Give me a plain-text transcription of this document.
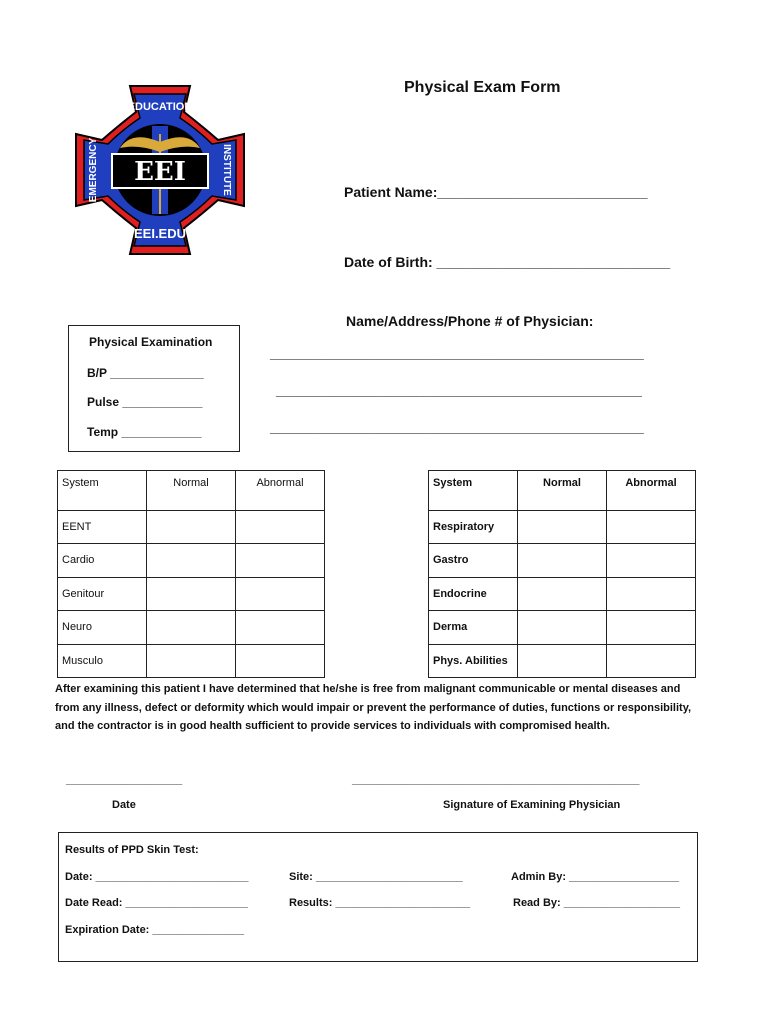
Physical Exam Form
EEI
EDUCATION
EEI.EDU
EMERGENCY	INSTITUTE	Patient Name:___________________________
Date of Birth: ______________________________
Name/Address/Phone # of Physician:
________________________________________________
_______________________________________________
________________________________________________
Physical Examination
B/P ______________
Pulse ____________
Temp ____________
System	Normal	Abnormal
EENT		
Cardio		
Genitour		
Neuro		
Musculo		
System	Normal	Abnormal
Respiratory		
Gastro		
Endocrine		
Derma		
Phys. Abilities		
After examining this patient I have determined that he/she is free from malignant communicable or mental diseases and
from any illness, defect or deformity which would impair or prevent the performance of duties, functions or responsibility,
and the contractor is in good health sufficient to provide services to individuals with compromised health.
___________________
Date
_______________________________________________
Signature of Examining Physician
Results of PPD Skin Test:
Date: _________________________	Site: ________________________	Admin By: __________________
Date Read: ____________________	Results: ______________________	Read By: ___________________
Expiration Date: _______________
